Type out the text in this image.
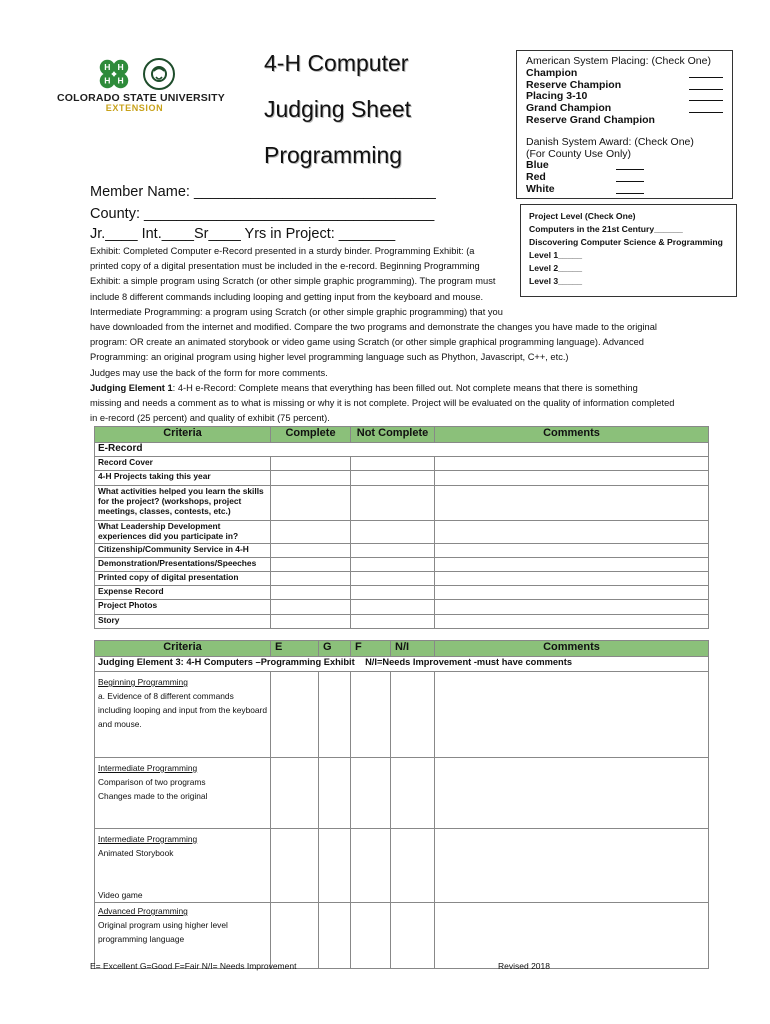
H H
H H
COLORADO STATE UNIVERSITY
EXTENSION
4-H Computer
Judging Sheet
Programming
American System Placing: (Check One)
Champion
Reserve Champion
Placing 3-10
Grand Champion
Reserve Grand Champion
Danish System Award: (Check One)
(For County Use Only)
Blue
Red
White
Project Level (Check One)
Computers in the 21st Century______
Discovering Computer Science & Programming
Level 1_____
Level 2_____
Level 3_____
Member Name: ______________________________
County: ____________________________________
Jr.____ Int.____Sr____ Yrs in Project: _______
Exhibit: Completed Computer e-Record presented in a sturdy binder. Programming Exhibit: (a
printed copy of a digital presentation must be included in the e-record. Beginning Programming
Exhibit: a simple program using Scratch (or other simple graphic programming). The program must
include 8 different commands including looping and getting input from the keyboard and mouse.
Intermediate Programming: a program using Scratch (or other simple graphic programming) that you
have downloaded from the internet and modified. Compare the two programs and demonstrate the changes you have made to the original
program: OR create an animated storybook or video game using Scratch (or other simple graphical programming language). Advanced
Programming: an original program using higher level programming language such as Phython, Javascript, C++, etc.)
Judges may use the back of the form for more comments.
Judging Element 1: 4-H e-Record: Complete means that everything has been filled out. Not complete means that there is something
missing and needs a comment as to what is missing or why it is not complete. Project will be evaluated on the quality of information completed
in e-record (25 percent) and quality of exhibit (75 percent).
Criteria	Complete	Not Complete	Comments
E-Record			
Record Cover			
4-H Projects taking this year			
What activities helped you learn the skills for the project? (workshops, project meetings, classes, contests, etc.)			
What Leadership Development experiences did you participate in?			
Citizenship/Community Service in 4-H			
Demonstration/Presentations/Speeches			
Printed copy of digital presentation			
Expense Record			
Project Photos			
Story			
Criteria	E	G	F	N/I	Comments
Judging Element 3: 4-H Computers –Programming Exhibit N/I=Needs Improvement -must have comments					
Beginning Programming
a. Evidence of 8 different commands
including looping and input from the keyboard
and mouse.					
Intermediate Programming
Comparison of two programs
Changes made to the original					
Intermediate Programming
Animated Storybook

Video game					
Advanced Programming
Original program using higher level
programming language					
E= Excellent G=Good F=Fair N/I= Needs Improvement	Revised 2018
